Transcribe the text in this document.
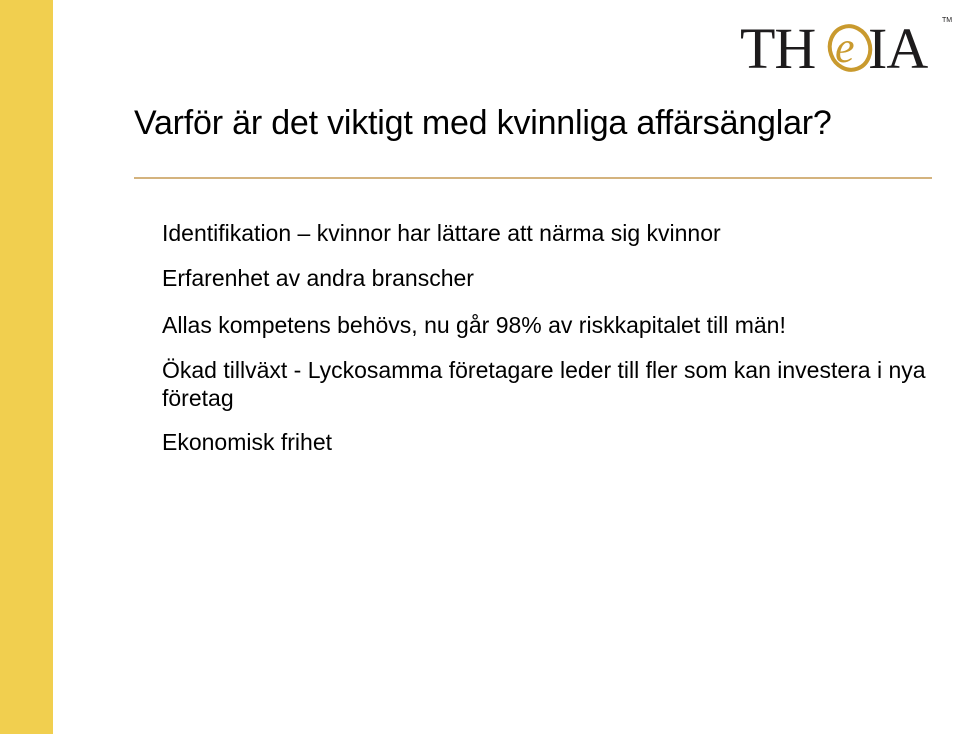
TH e IA TM
Varför är det viktigt med kvinnliga affärsänglar?
Identifikation – kvinnor har lättare att närma sig kvinnor
Erfarenhet av andra branscher
Allas kompetens behövs, nu går 98% av riskkapitalet till män!
Ökad tillväxt - Lyckosamma företagare leder till fler som kan investera i nya företag
Ekonomisk frihet
